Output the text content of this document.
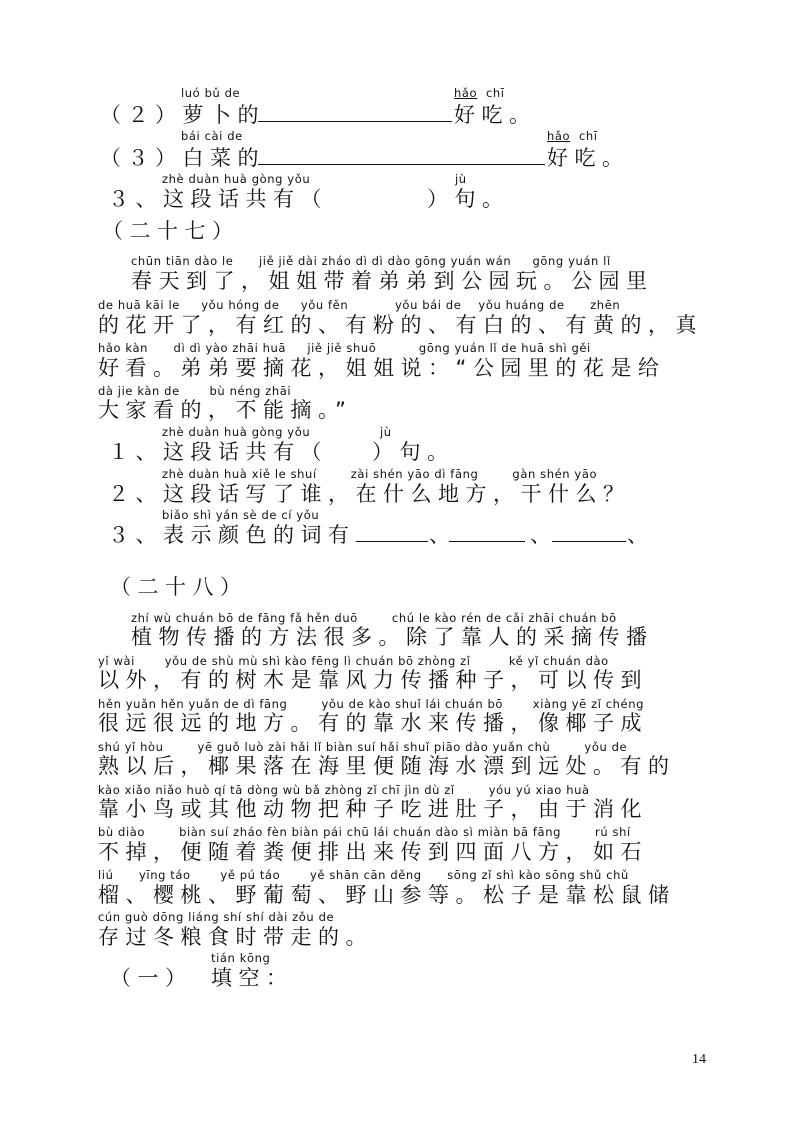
luó bǔ de	hǎo chī
（２）萝卜的	好吃。
bái cài de	hǎo chī
（３）白菜的	好吃。
zhè duàn huà gòng yǒu	jù
３、这段话共有（	）句。
（二十七）
chūn tiān dào le      jiě jiě dài zháo dì dì dào gōng yuán wán     gōng yuán lǐ
春天到了，姐姐带着弟弟到公园玩。公园里
de huā kāi le     yǒu hóng de     yǒu fěn           yǒu bái de    yǒu huáng de      zhēn
的花开了，有红的、有粉的、有白的、有黄的，真
hǎo kàn      dì dì yào zhāi huā     jiě jiě shuō          gōng yuán lǐ de huā shì gěi
好看。弟弟要摘花，姐姐说：“公园里的花是给
dà jie kàn de       bù néng zhāi
大家看的，不能摘。”
zhè duàn huà gòng yǒu	jù
１、这段话共有（ ）句。
zhè duàn huà xiě le shuí        zài shén yāo dì fāng        gàn shén yāo
２、这段话写了谁，在什么地方，干什么？
biǎo shì yán sè de cí yǒu
３、表示颜色的词有	、	、	、
（二十八）
zhí wù chuán bō de fāng fǎ hěn duō        chú le kào rén de cǎi zhāi chuán bō
植物传播的方法很多。除了靠人的采摘传播
yǐ wài       yǒu de shù mù shì kào fēng lì chuán bō zhòng zǐ         kě yǐ chuán dào
以外，有的树木是靠风力传播种子，可以传到
hěn yuǎn hěn yuǎn de dì fāng        yǒu de kào shuǐ lái chuán bō       xiàng yē zǐ chéng
很远很远的地方。有的靠水来传播，像椰子成
shú yǐ hòu        yē guǒ luò zài hǎi lǐ biàn suí hǎi shuǐ piāo dào yuǎn chù        yǒu de
熟以后，椰果落在海里便随海水漂到远处。有的
kào xiǎo niǎo huò qí tā dòng wù bǎ zhòng zǐ chī jìn dù zǐ        yóu yú xiao huà
靠小鸟或其他动物把种子吃进肚子，由于消化
bù diào        biàn suí zháo fèn biàn pái chū lái chuán dào sì miàn bā fāng        rú shí
不掉，便随着粪便排出来传到四面八方，如石
liú      yīng táo       yě pú táo       yě shān cān děng      sōng zǐ shì kào sōng shǔ chǔ
榴、樱桃、野葡萄、野山参等。松子是靠松鼠储
cún guò dōng liáng shí shí dài zǒu de
存过冬粮食时带走的。
tián kōng
（一） 填空：
14
